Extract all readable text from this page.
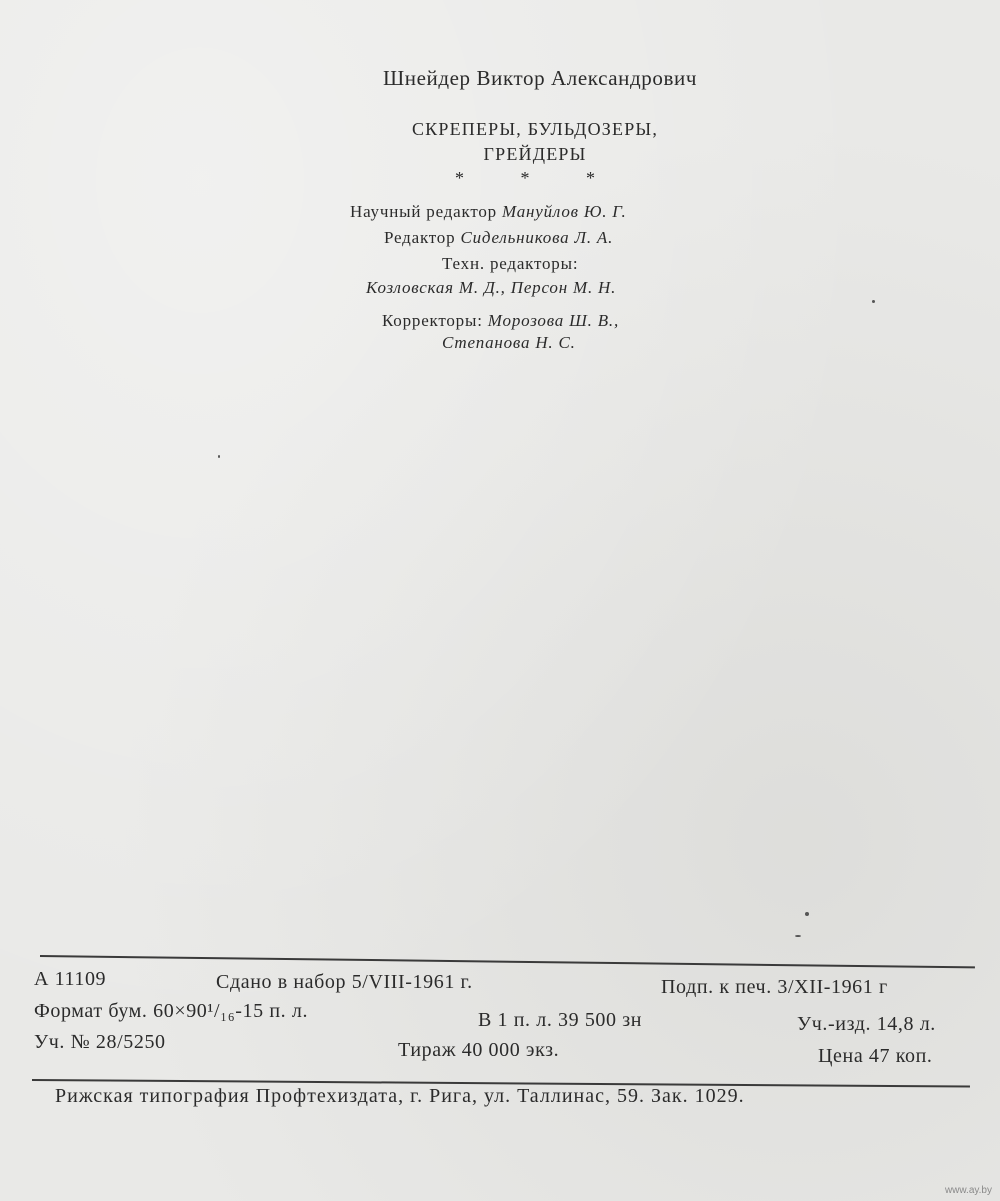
Шнейдер Виктор Александрович
СКРЕПЕРЫ, БУЛЬДОЗЕРЫ,
ГРЕЙДЕРЫ
* * *
Научный редактор Мануйлов Ю. Г.
Редактор Сидельникова Л. А.
Техн. редакторы:
Козловская М. Д., Персон М. Н.
Корректоры: Морозова Ш. В.,
Степанова Н. С.
А 11109	Сдано в набор 5/VIII-1961 г.	Подп. к печ. 3/XII-1961 г
Формат бум. 60×90¹/₁₆-15 п. л.	В 1 п. л. 39 500 зн	Уч.-изд. 14,8 л.
Уч. № 28/5250	Тираж 40 000 экз.	Цена 47 коп.
Рижская типография Профтехиздата, г. Рига, ул. Таллинас, 59. Зак. 1029.
www.ay.by
